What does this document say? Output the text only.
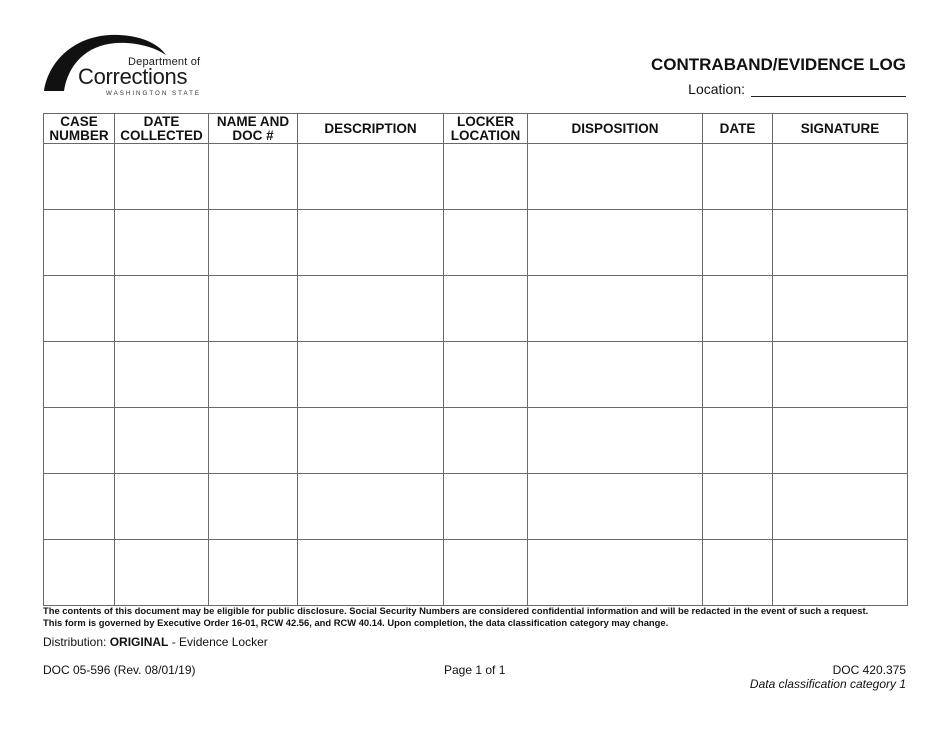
Department of
Corrections
WASHINGTON STATE
CONTRABAND/EVIDENCE LOG
Location:
CASE NUMBER	DATE COLLECTED	NAME AND DOC #	DESCRIPTION	LOCKER LOCATION	DISPOSITION	DATE	SIGNATURE

The contents of this document may be eligible for public disclosure. Social Security Numbers are considered confidential information and will be redacted in the event of such a request.
This form is governed by Executive Order 16-01, RCW 42.56, and RCW 40.14. Upon completion, the data classification category may change.
Distribution: ORIGINAL - Evidence Locker
DOC 05-596 (Rev. 08/01/19)	Page 1 of 1	DOC 420.375
Data classification category 1
